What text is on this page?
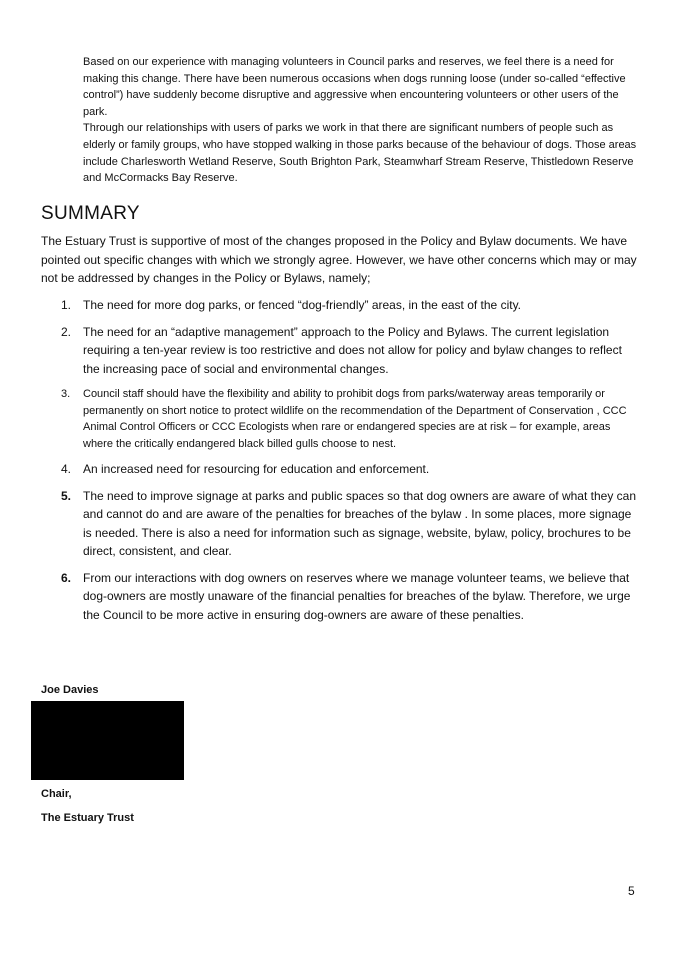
Based on our experience with managing volunteers in Council parks and reserves, we feel there is a need for making this change. There have been numerous occasions when dogs running loose (under so-called “effective control”) have suddenly become disruptive and aggressive when encountering volunteers or other users of the park.

Through our relationships with users of parks we work in that there are significant numbers of people such as elderly or family groups, who have stopped walking in those parks because of the behaviour of dogs. Those areas include Charlesworth Wetland Reserve, South Brighton Park, Steamwharf Stream Reserve, Thistledown Reserve and McCormacks Bay Reserve.

SUMMARY

The Estuary Trust is supportive of most of the changes proposed in the Policy and Bylaw documents. We have pointed out specific changes with which we strongly agree. However, we have other concerns which may or may not be addressed by changes in the Policy or Bylaws, namely;

1. The need for more dog parks, or fenced “dog-friendly” areas, in the east of the city.
2. The need for an “adaptive management” approach to the Policy and Bylaws. The current legislation requiring a ten-year review is too restrictive and does not allow for policy and bylaw changes to reflect the increasing pace of social and environmental changes.
3. Council staff should have the flexibility and ability to prohibit dogs from parks/waterway areas temporarily or permanently on short notice to protect wildlife on the recommendation of the Department of Conservation , CCC Animal Control Officers or CCC Ecologists when rare or endangered species are at risk – for example, areas where the critically endangered black billed gulls choose to nest.
4. An increased need for resourcing for education and enforcement.
5. The need to improve signage at parks and public spaces so that dog owners are aware of what they can and cannot do and are aware of the penalties for breaches of the bylaw . In some places, more signage is needed. There is also a need for information such as signage, website, bylaw, policy, brochures to be direct, consistent, and clear.
6. From our interactions with dog owners on reserves where we manage volunteer teams, we believe that dog-owners are mostly unaware of the financial penalties for breaches of the bylaw. Therefore, we urge the Council to be more active in ensuring dog-owners are aware of these penalties.
Joe Davies
Chair,
The Estuary Trust
5
